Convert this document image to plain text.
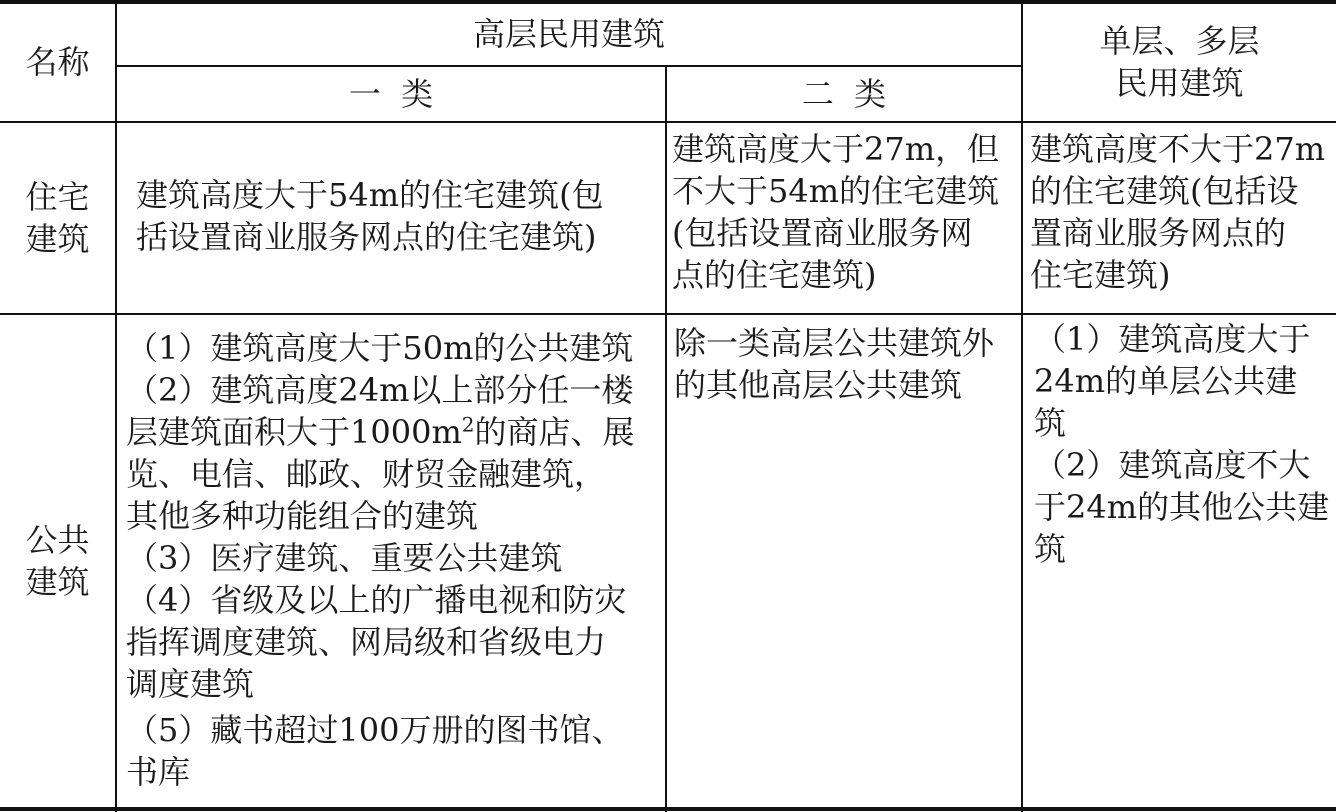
名称
高层民用建筑
一  类	二  类
单层、多层
民用建筑
住宅
建筑
建筑高度大于54m的住宅建筑(包
括设置商业服务网点的住宅建筑)
建筑高度大于27m，但
不大于54m的住宅建筑
(包括设置商业服务网
点的住宅建筑)
建筑高度不大于27m
的住宅建筑(包括设
置商业服务网点的
住宅建筑)
公共
建筑
（1）建筑高度大于50m的公共建筑
（2）建筑高度24m以上部分任一楼
层建筑面积大于$1000m^2$的商店、展
览、电信、邮政、财贸金融建筑，
其他多种功能组合的建筑
（3）医疗建筑、重要公共建筑
（4）省级及以上的广播电视和防灾
指挥调度建筑、网局级和省级电力
调度建筑
（5）藏书超过100万册的图书馆、
书库
除一类高层公共建筑外
的其他高层公共建筑
（1）建筑高度大于
24m的单层公共建
筑
（2）建筑高度不大
于24m的其他公共建
筑
